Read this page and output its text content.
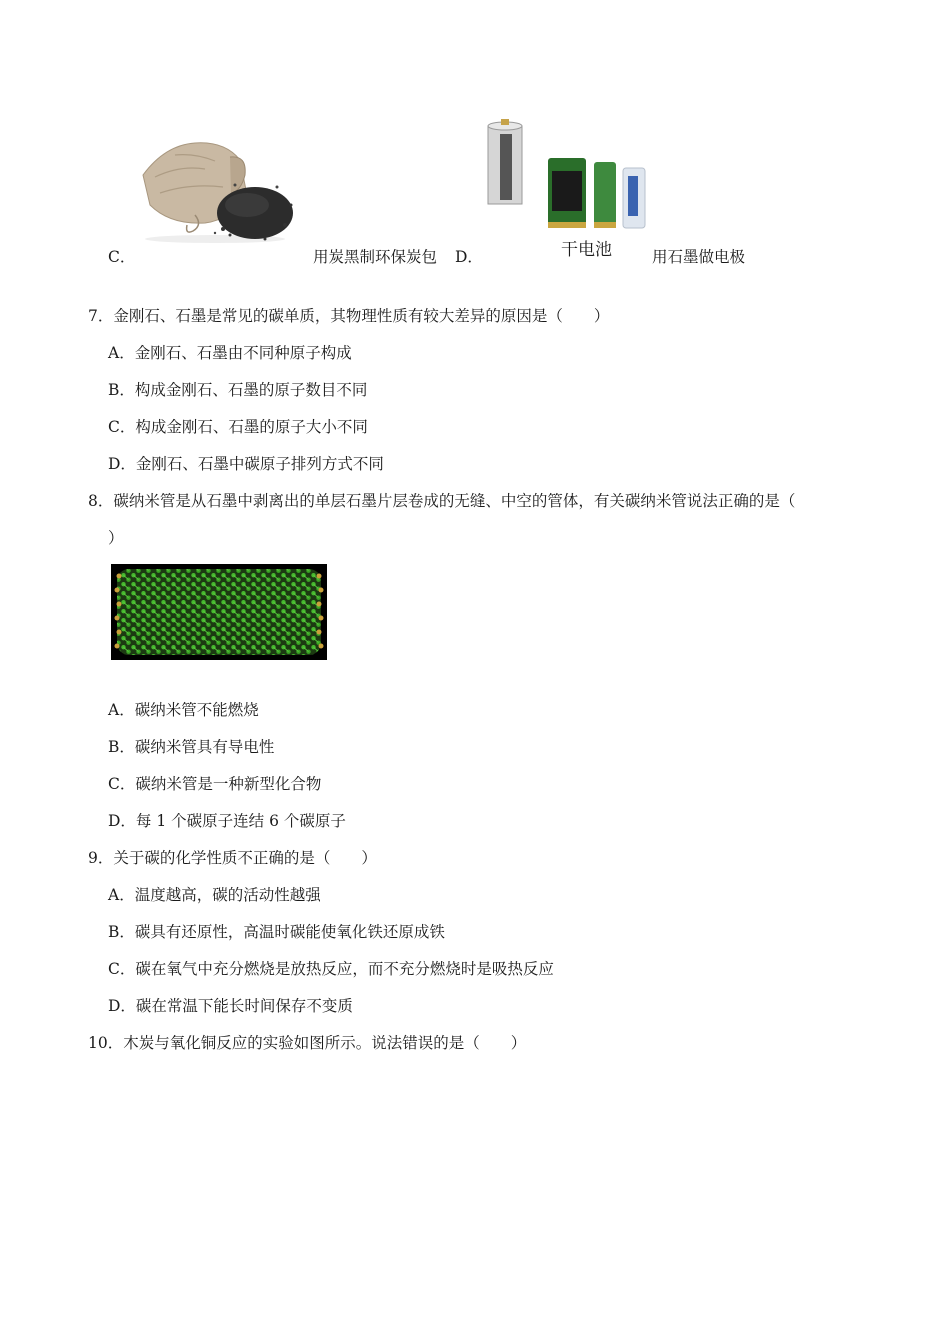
C．	用炭黑制环保炭包 D．	干电池	用石墨做电极
7．金刚石、石墨是常见的碳单质，其物理性质有较大差异的原因是（　　）
A．金刚石、石墨由不同种原子构成
B．构成金刚石、石墨的原子数目不同
C．构成金刚石、石墨的原子大小不同
D．金刚石、石墨中碳原子排列方式不同
8．碳纳米管是从石墨中剥离出的单层石墨片层卷成的无缝、中空的管体，有关碳纳米管说法正确的是（
）
A．碳纳米管不能燃烧
B．碳纳米管具有导电性
C．碳纳米管是一种新型化合物
D．每 1 个碳原子连结 6 个碳原子
9．关于碳的化学性质不正确的是（　　）
A．温度越高，碳的活动性越强
B．碳具有还原性，高温时碳能使氧化铁还原成铁
C．碳在氧气中充分燃烧是放热反应，而不充分燃烧时是吸热反应
D．碳在常温下能长时间保存不变质
10．木炭与氧化铜反应的实验如图所示。说法错误的是（　　）
